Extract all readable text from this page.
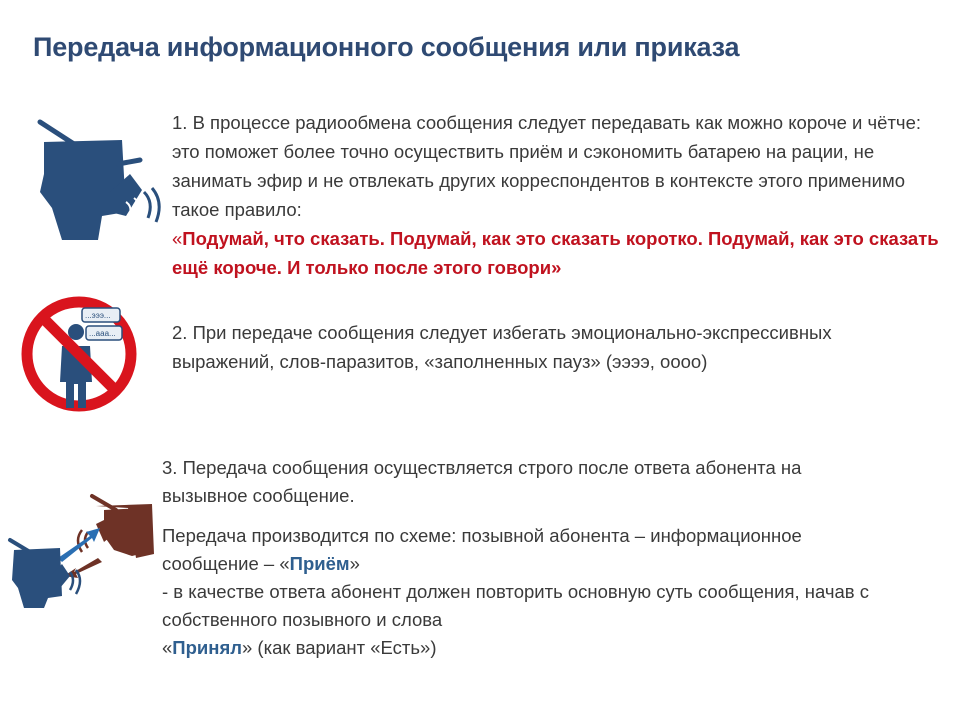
Передача информационного сообщения или приказа
1. В процессе радиообмена сообщения следует передавать как можно короче и чётче: это поможет более точно осуществить приём и сэкономить батарею на рации, не занимать эфир и не отвлекать других корреспондентов в контексте этого применимо такое правило:
«Подумай, что сказать. Подумай, как это сказать коротко. Подумай, как это сказать ещё короче. И только после этого говори»
...эээ...
...ааа...	2. При передаче сообщения следует избегать эмоционально-экспрессивных выражений, слов-паразитов, «заполненных пауз» (ээээ, оооо)

3. Передача сообщения осуществляется строго после ответа абонента на вызывное сообщение.

Передача производится по схеме: позывной абонента – информационное сообщение – «Приём»

- в качестве ответа абонент должен повторить основную суть сообщения, начав с собственного позывного и слова

«Принял» (как вариант «Есть»)
